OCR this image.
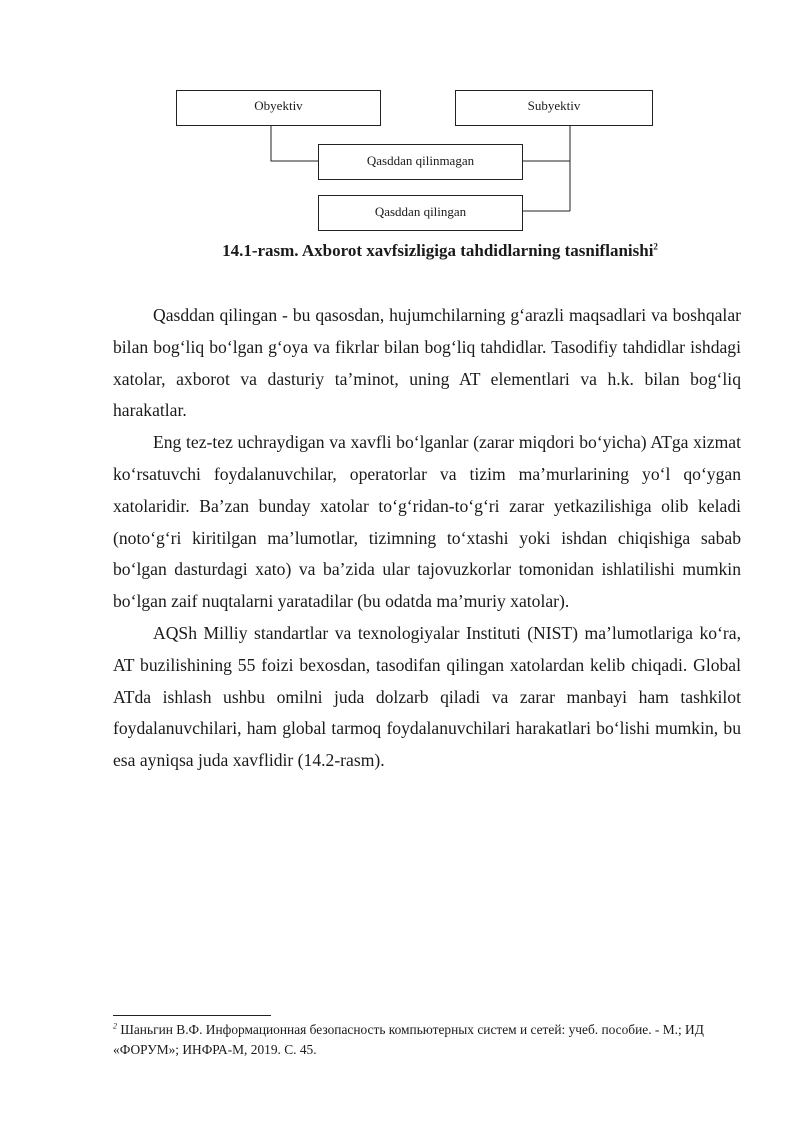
Obyektiv	Subyektiv
Qasddan qilinmagan
Qasddan qilingan
14.1-rasm. Axborot xavfsizligiga tahdidlarning tasniflanishi$^2$

Qasddan qilingan - bu qasosdan, hujumchilarning g‘arazli maqsadlari va boshqalar bilan bog‘liq bo‘lgan g‘oya va fikrlar bilan bog‘liq tahdidlar. Tasodifiy tahdidlar ishdagi xatolar, axborot va dasturiy ta’minot, uning AT elementlari va h.k. bilan bog‘liq harakatlar.

Eng tez-tez uchraydigan va xavfli bo‘lganlar (zarar miqdori bo‘yicha) ATga xizmat ko‘rsatuvchi foydalanuvchilar, operatorlar va tizim ma’murlarining yo‘l qo‘ygan xatolaridir. Ba’zan bunday xatolar to‘g‘ridan-to‘g‘ri zarar yetkazilishiga olib keladi (noto‘g‘ri kiritilgan ma’lumotlar, tizimning to‘xtashi yoki ishdan chiqishiga sabab bo‘lgan dasturdagi xato) va ba’zida ular tajovuzkorlar tomonidan ishlatilishi mumkin bo‘lgan zaif nuqtalarni yaratadilar (bu odatda ma’muriy xatolar).

AQSh Milliy standartlar va texnologiyalar Instituti (NIST) ma’lumotlariga ko‘ra, AT buzilishining 55 foizi bexosdan, tasodifan qilingan xatolardan kelib chiqadi. Global ATda ishlash ushbu omilni juda dolzarb qiladi va zarar manbayi ham tashkilot foydalanuvchilari, ham global tarmoq foydalanuvchilari harakatlari bo‘lishi mumkin, bu esa ayniqsa juda xavflidir (14.2-rasm).

$^2$ Шаньгин В.Ф. Информационная безопасность компьютерных систем и сетей: учеб. пособие. - М.; ИД «ФОРУМ»; ИНФРА-М, 2019. С. 45.
